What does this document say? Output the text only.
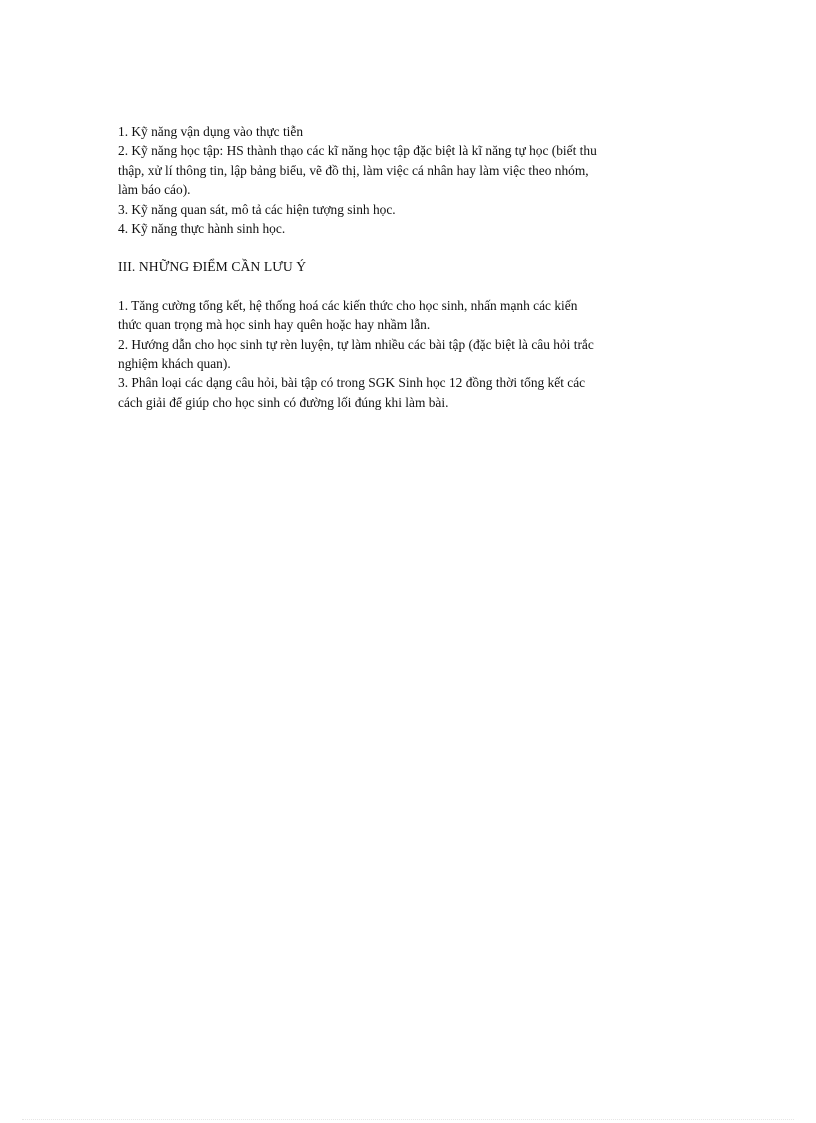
1. Kỹ năng vận dụng vào thực tiễn

2. Kỹ năng học tập: HS thành thạo các kĩ năng học tập đặc biệt là kĩ năng tự học (biết thu

thập, xử lí thông tin, lập bảng biểu, vẽ đồ thị, làm việc cá nhân hay làm việc theo nhóm,

làm báo cáo).

3. Kỹ năng quan sát, mô tả các hiện tượng sinh học.

4. Kỹ năng thực hành sinh học.

III. NHỮNG ĐIỂM CẦN LƯU Ý

1. Tăng cường tổng kết, hệ thống hoá các kiến thức cho học sinh, nhấn mạnh các kiến

thức quan trọng mà học sinh hay quên hoặc hay nhầm lẫn.

2. Hướng dẫn cho học sinh tự rèn luyện, tự làm nhiều các bài tập (đặc biệt là câu hỏi trắc

nghiệm khách quan).

3. Phân loại các dạng câu hỏi, bài tập có trong SGK Sinh học 12 đồng thời tổng kết các

cách giải để giúp cho học sinh có đường lối đúng khi làm bài.
